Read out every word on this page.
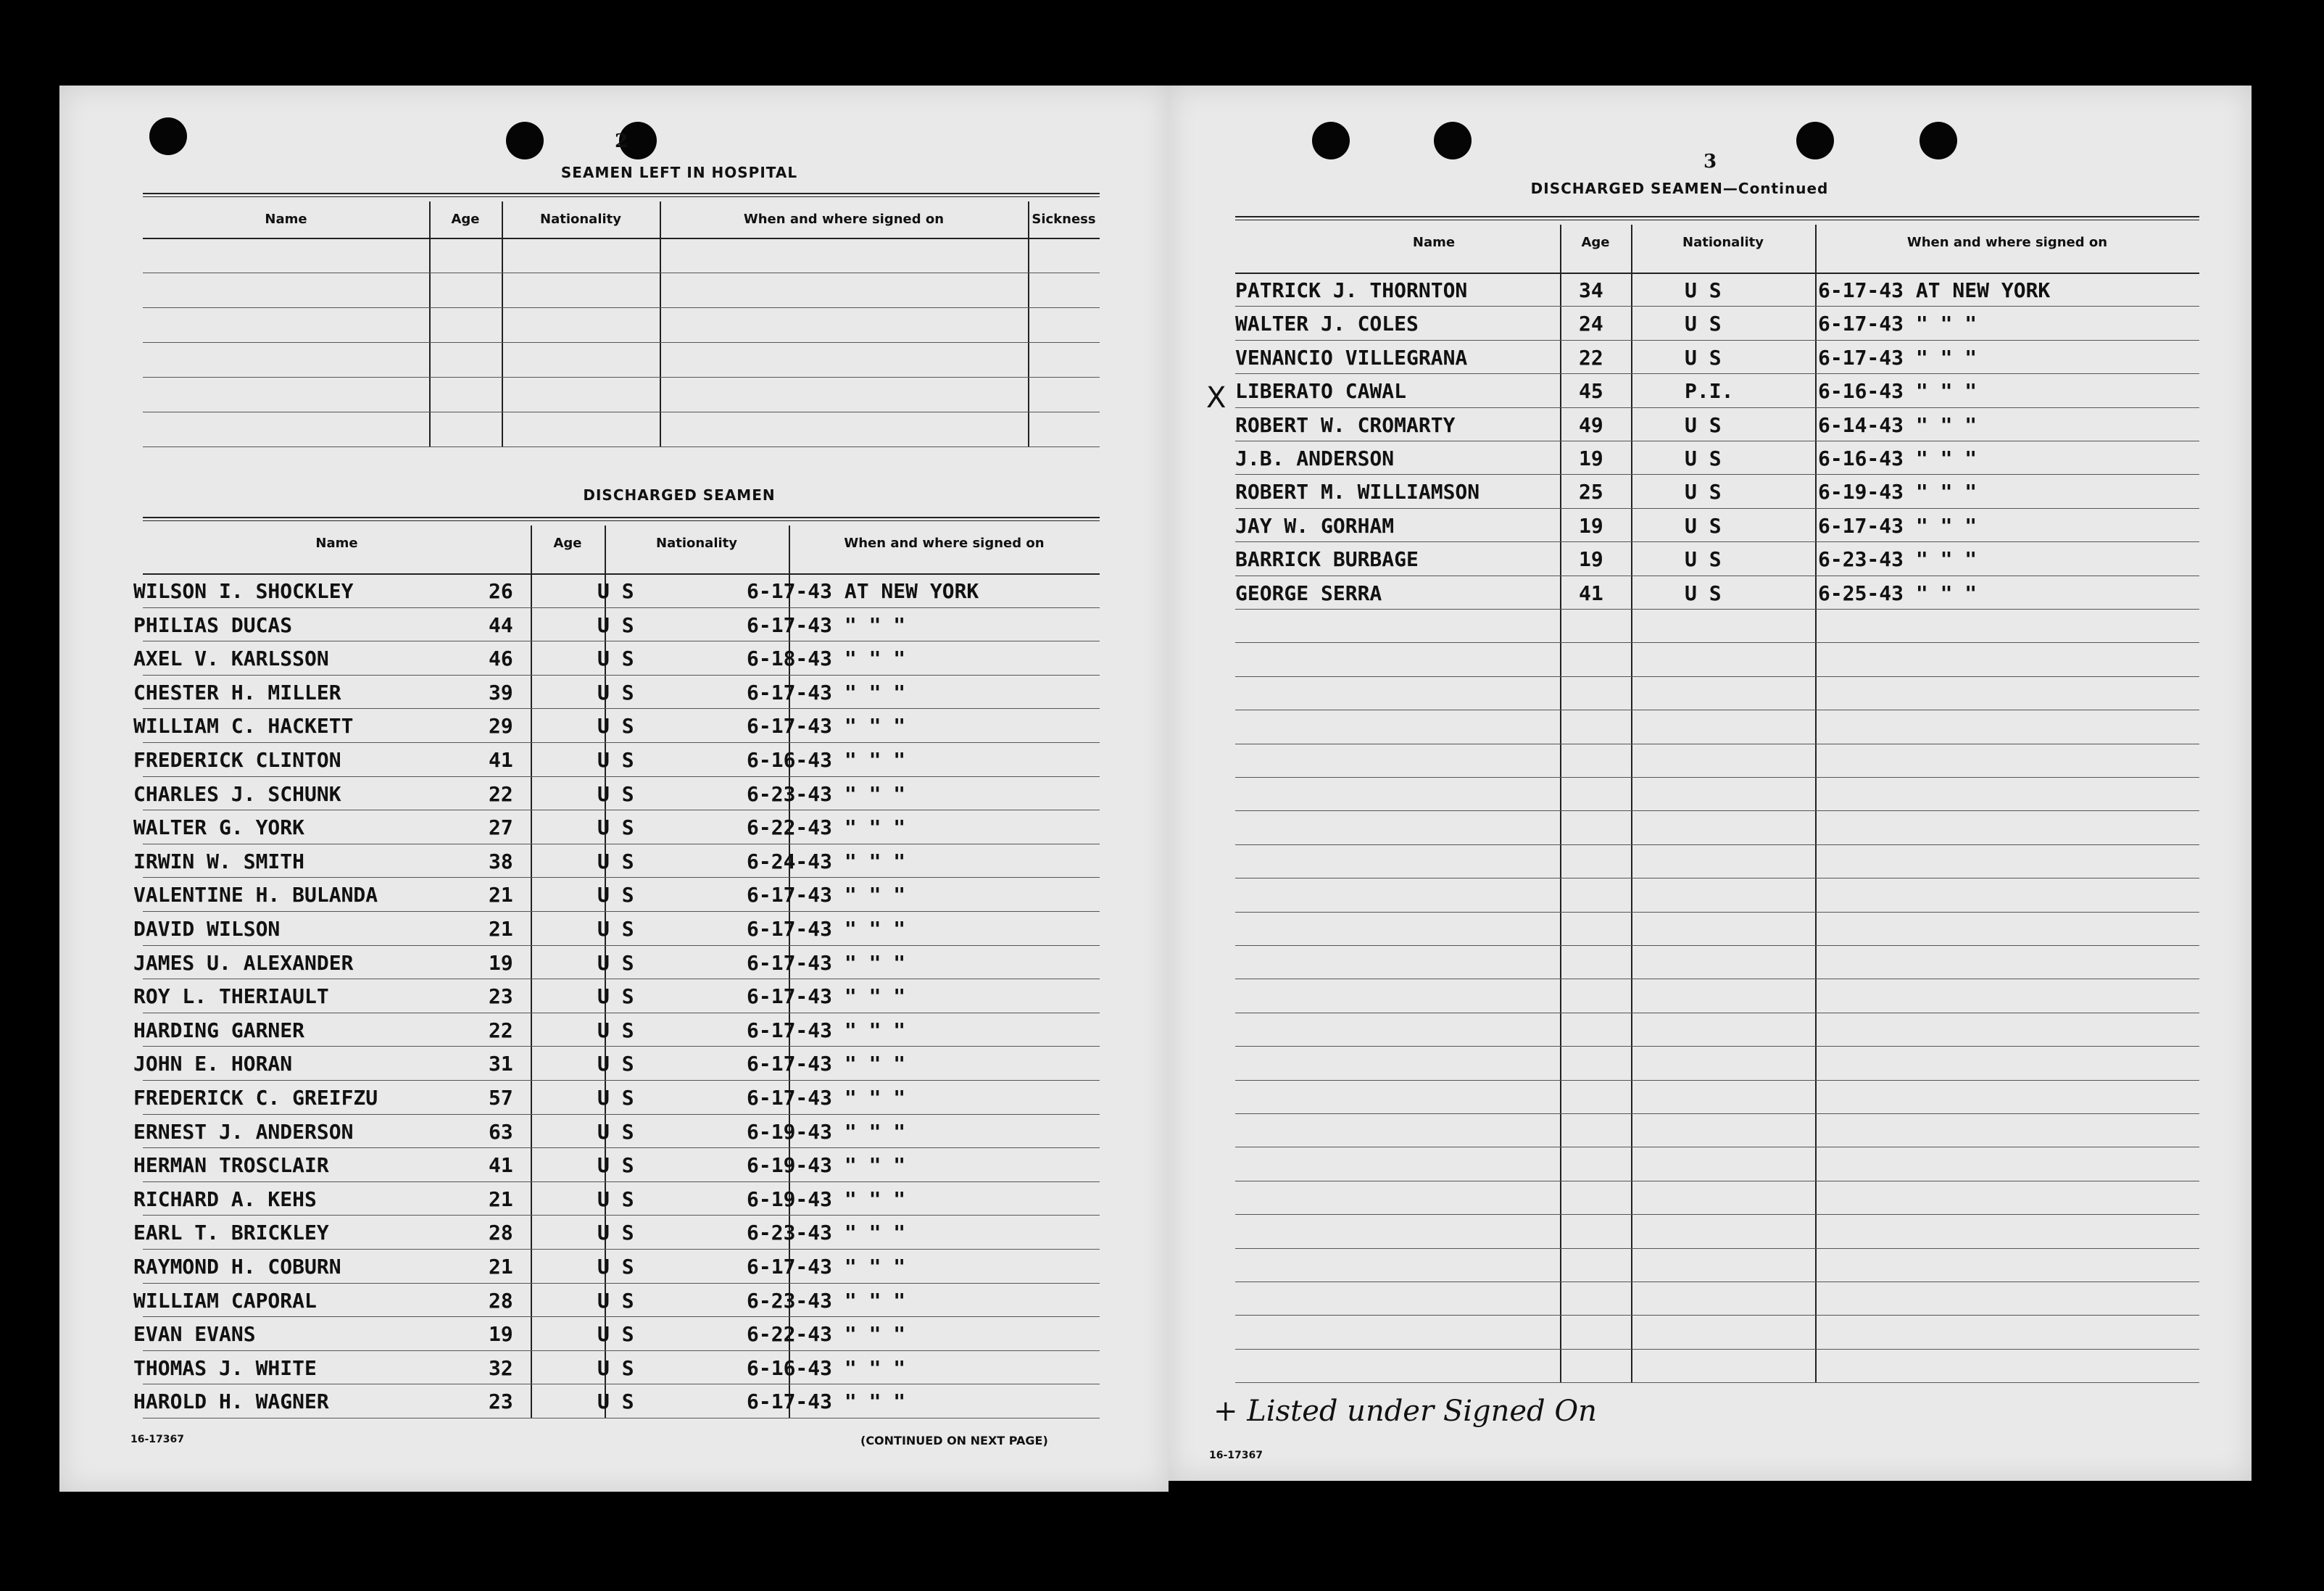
2
SEAMEN LEFT IN HOSPITAL
Name	Age	Nationality	When and where signed on	Sickness
DISCHARGED SEAMEN
Name	Age	Nationality	When and where signed on
WILSON I. SHOCKLEY	26	U S	6-17-43 AT NEW YORK
PHILIAS DUCAS	44	U S	6-17-43 " " "
AXEL V. KARLSSON	46	U S	6-18-43 " " "
CHESTER H. MILLER	39	U S	6-17-43 " " "
WILLIAM C. HACKETT	29	U S	6-17-43 " " "
FREDERICK CLINTON	41	U S	6-16-43 " " "
CHARLES J. SCHUNK	22	U S	6-23-43 " " "
WALTER G. YORK	27	U S	6-22-43 " " "
IRWIN W. SMITH	38	U S	6-24-43 " " "
VALENTINE H. BULANDA	21	U S	6-17-43 " " "
DAVID WILSON	21	U S	6-17-43 " " "
JAMES U. ALEXANDER	19	U S	6-17-43 " " "
ROY L. THERIAULT	23	U S	6-17-43 " " "
HARDING GARNER	22	U S	6-17-43 " " "
JOHN E. HORAN	31	U S	6-17-43 " " "
FREDERICK C. GREIFZU	57	U S	6-17-43 " " "
ERNEST J. ANDERSON	63	U S	6-19-43 " " "
HERMAN TROSCLAIR	41	U S	6-19-43 " " "
RICHARD A. KEHS	21	U S	6-19-43 " " "
EARL T. BRICKLEY	28	U S	6-23-43 " " "
RAYMOND H. COBURN	21	U S	6-17-43 " " "
WILLIAM CAPORAL	28	U S	6-23-43 " " "
EVAN EVANS	19	U S	6-22-43 " " "
THOMAS J. WHITE	32	U S	6-16-43 " " "
HAROLD H. WAGNER	23	U S	6-17-43 " " "
16-17367	(CONTINUED ON NEXT PAGE)
3
DISCHARGED SEAMEN—Continued
Name	Age	Nationality	When and where signed on
PATRICK J. THORNTON	34	U S	6-17-43 AT NEW YORK
WALTER J. COLES	24	U S	6-17-43 " " "
VENANCIO VILLEGRANA	22	U S	6-17-43 " " "
LIBERATO CAWAL	45	P.I.	6-16-43 " " "
ROBERT W. CROMARTY	49	U S	6-14-43 " " "
J.B. ANDERSON	19	U S	6-16-43 " " "
ROBERT M. WILLIAMSON	25	U S	6-19-43 " " "
JAY W. GORHAM	19	U S	6-17-43 " " "
BARRICK BURBAGE	19	U S	6-23-43 " " "
GEORGE SERRA	41	U S	6-25-43 " " "
X
+ Listed under Signed On
16-17367
